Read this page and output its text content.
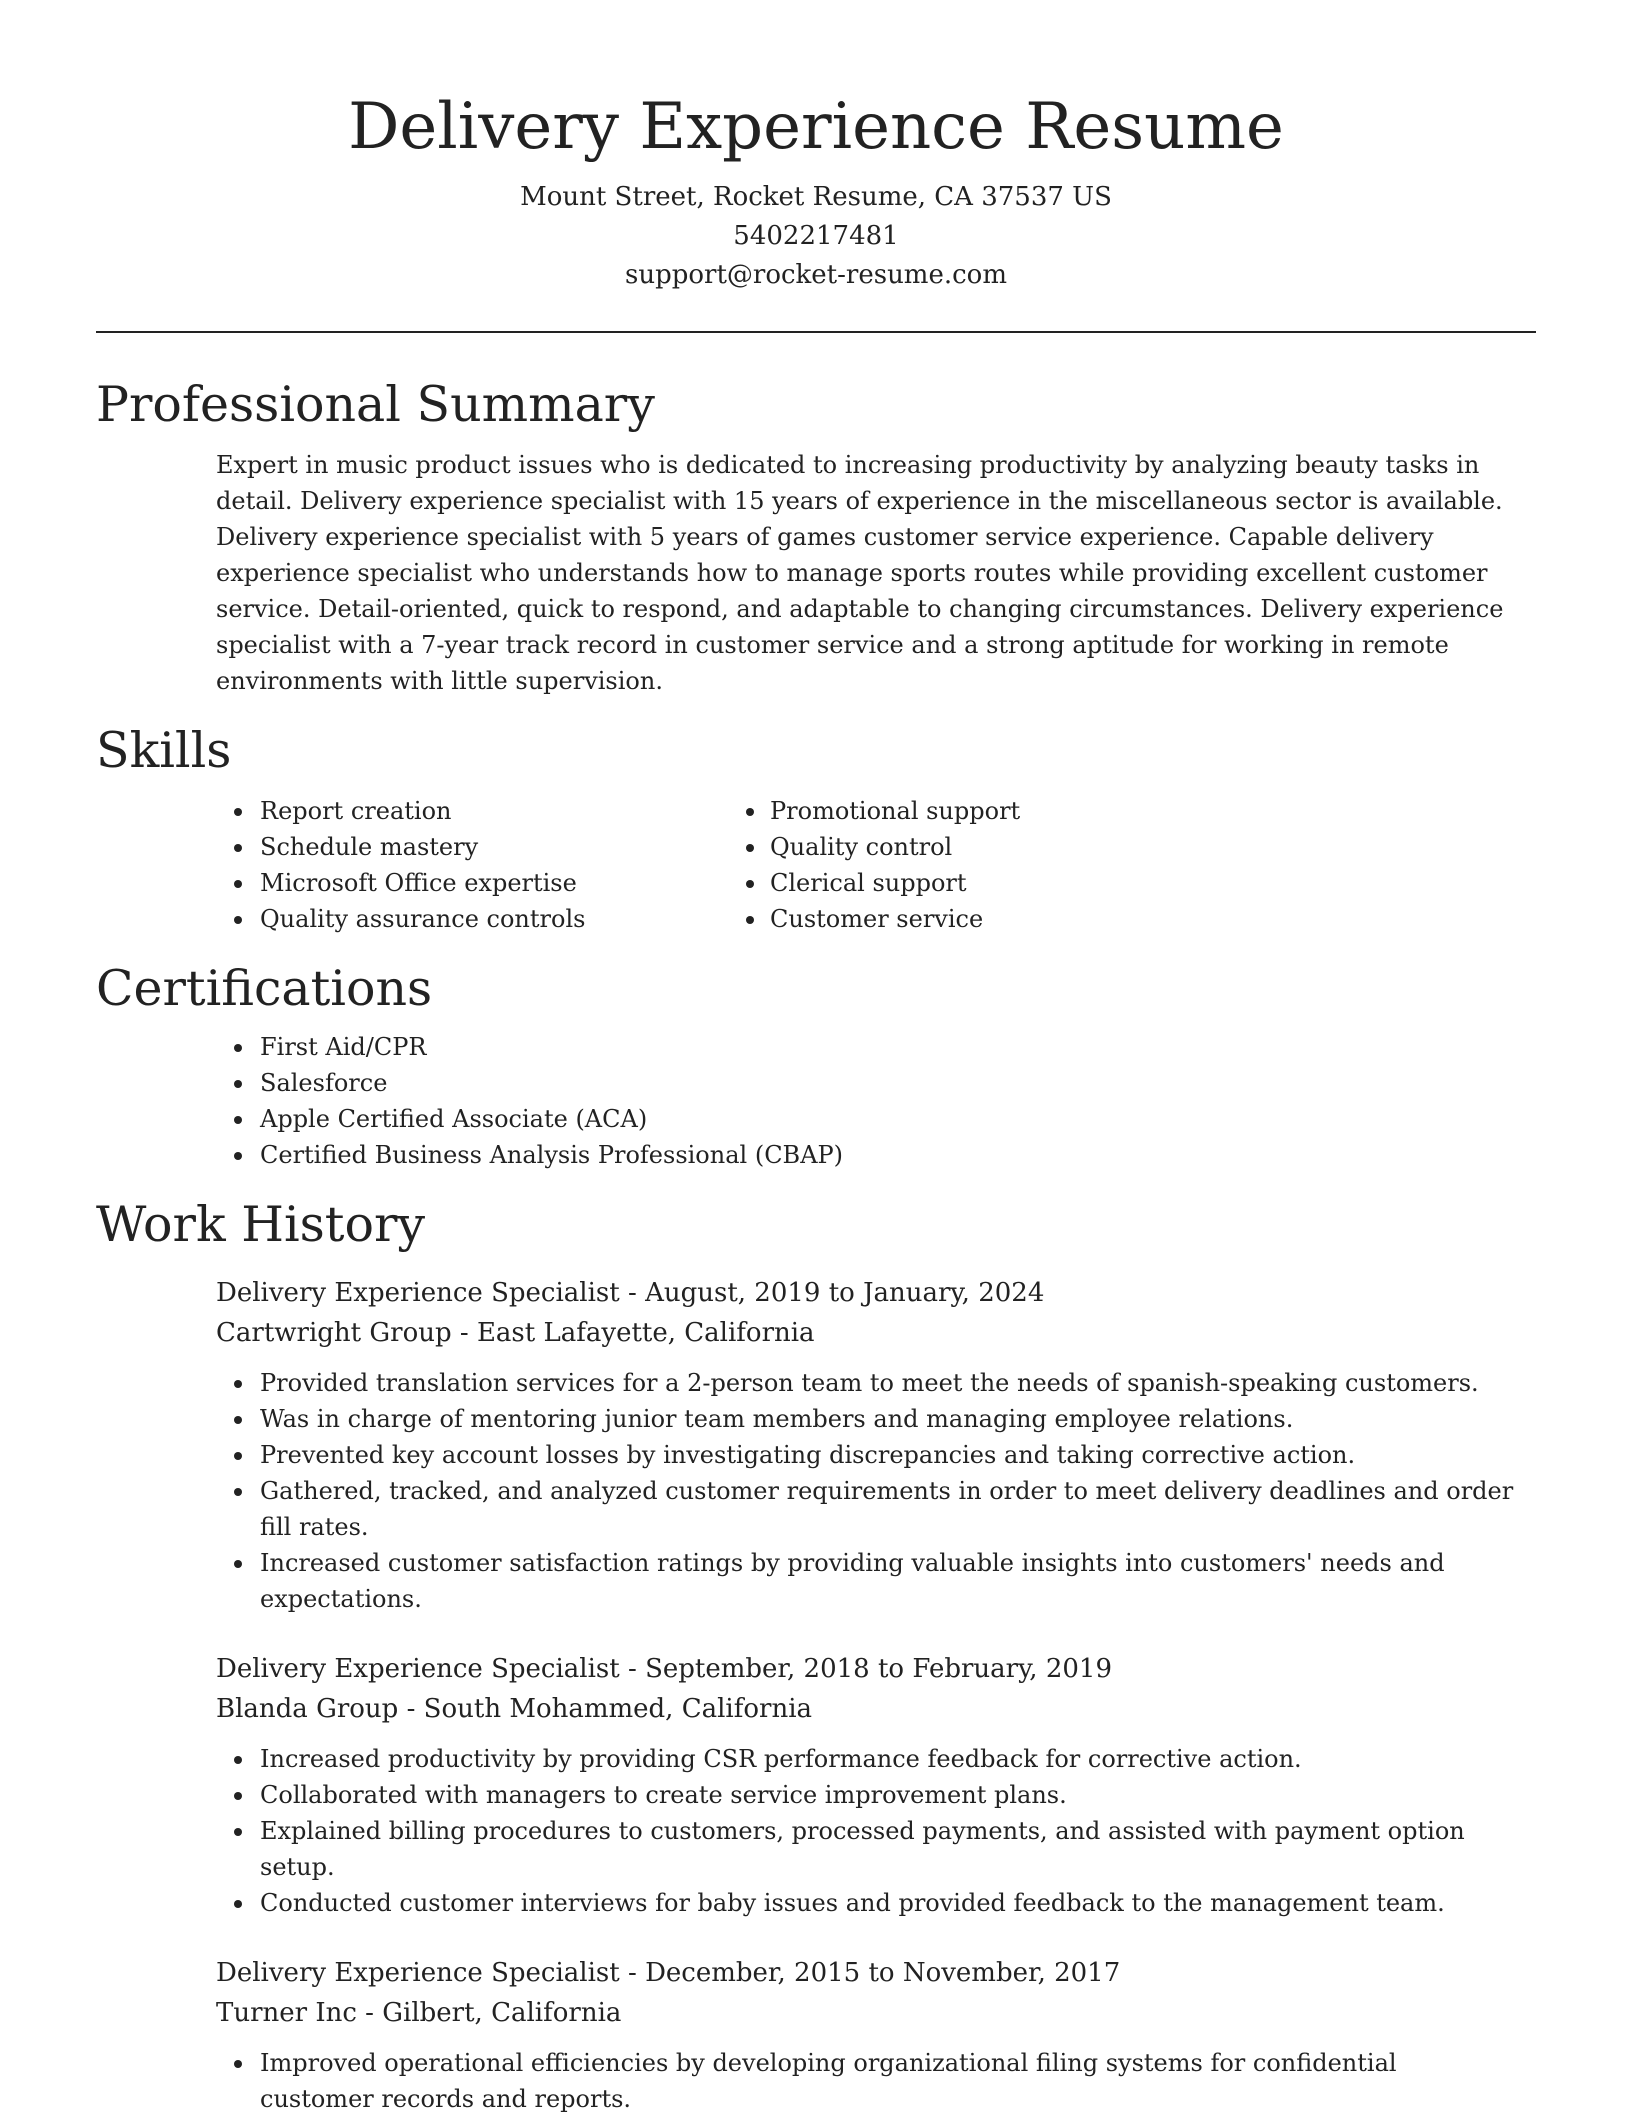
Delivery Experience Resume
Mount Street, Rocket Resume, CA 37537 US
5402217481
support@rocket-resume.com
Professional Summary

Expert in music product issues who is dedicated to increasing productivity by analyzing beauty tasks in detail. Delivery experience specialist with 15 years of experience in the miscellaneous sector is available. Delivery experience specialist with 5 years of games customer service experience. Capable delivery experience specialist who understands how to manage sports routes while providing excellent customer service. Detail-oriented, quick to respond, and adaptable to changing circumstances. Delivery experience specialist with a 7-year track record in customer service and a strong aptitude for working in remote environments with little supervision.

Skills
Report creation
Schedule mastery
Microsoft Office expertise
Quality assurance controls
Promotional support
Quality control
Clerical support
Customer service
Certifications
First Aid/CPR
Salesforce
Apple Certified Associate (ACA)
Certified Business Analysis Professional (CBAP)
Work History
Delivery Experience Specialist - August, 2019 to January, 2024
Cartwright Group - East Lafayette, California
Provided translation services for a 2-person team to meet the needs of spanish-speaking customers.
Was in charge of mentoring junior team members and managing employee relations.
Prevented key account losses by investigating discrepancies and taking corrective action.
Gathered, tracked, and analyzed customer requirements in order to meet delivery deadlines and order fill rates.
Increased customer satisfaction ratings by providing valuable insights into customers' needs and expectations.
Delivery Experience Specialist - September, 2018 to February, 2019
Blanda Group - South Mohammed, California
Increased productivity by providing CSR performance feedback for corrective action.
Collaborated with managers to create service improvement plans.
Explained billing procedures to customers, processed payments, and assisted with payment option setup.
Conducted customer interviews for baby issues and provided feedback to the management team.
Delivery Experience Specialist - December, 2015 to November, 2017
Turner Inc - Gilbert, California
Improved operational efficiencies by developing organizational filing systems for confidential customer records and reports.
